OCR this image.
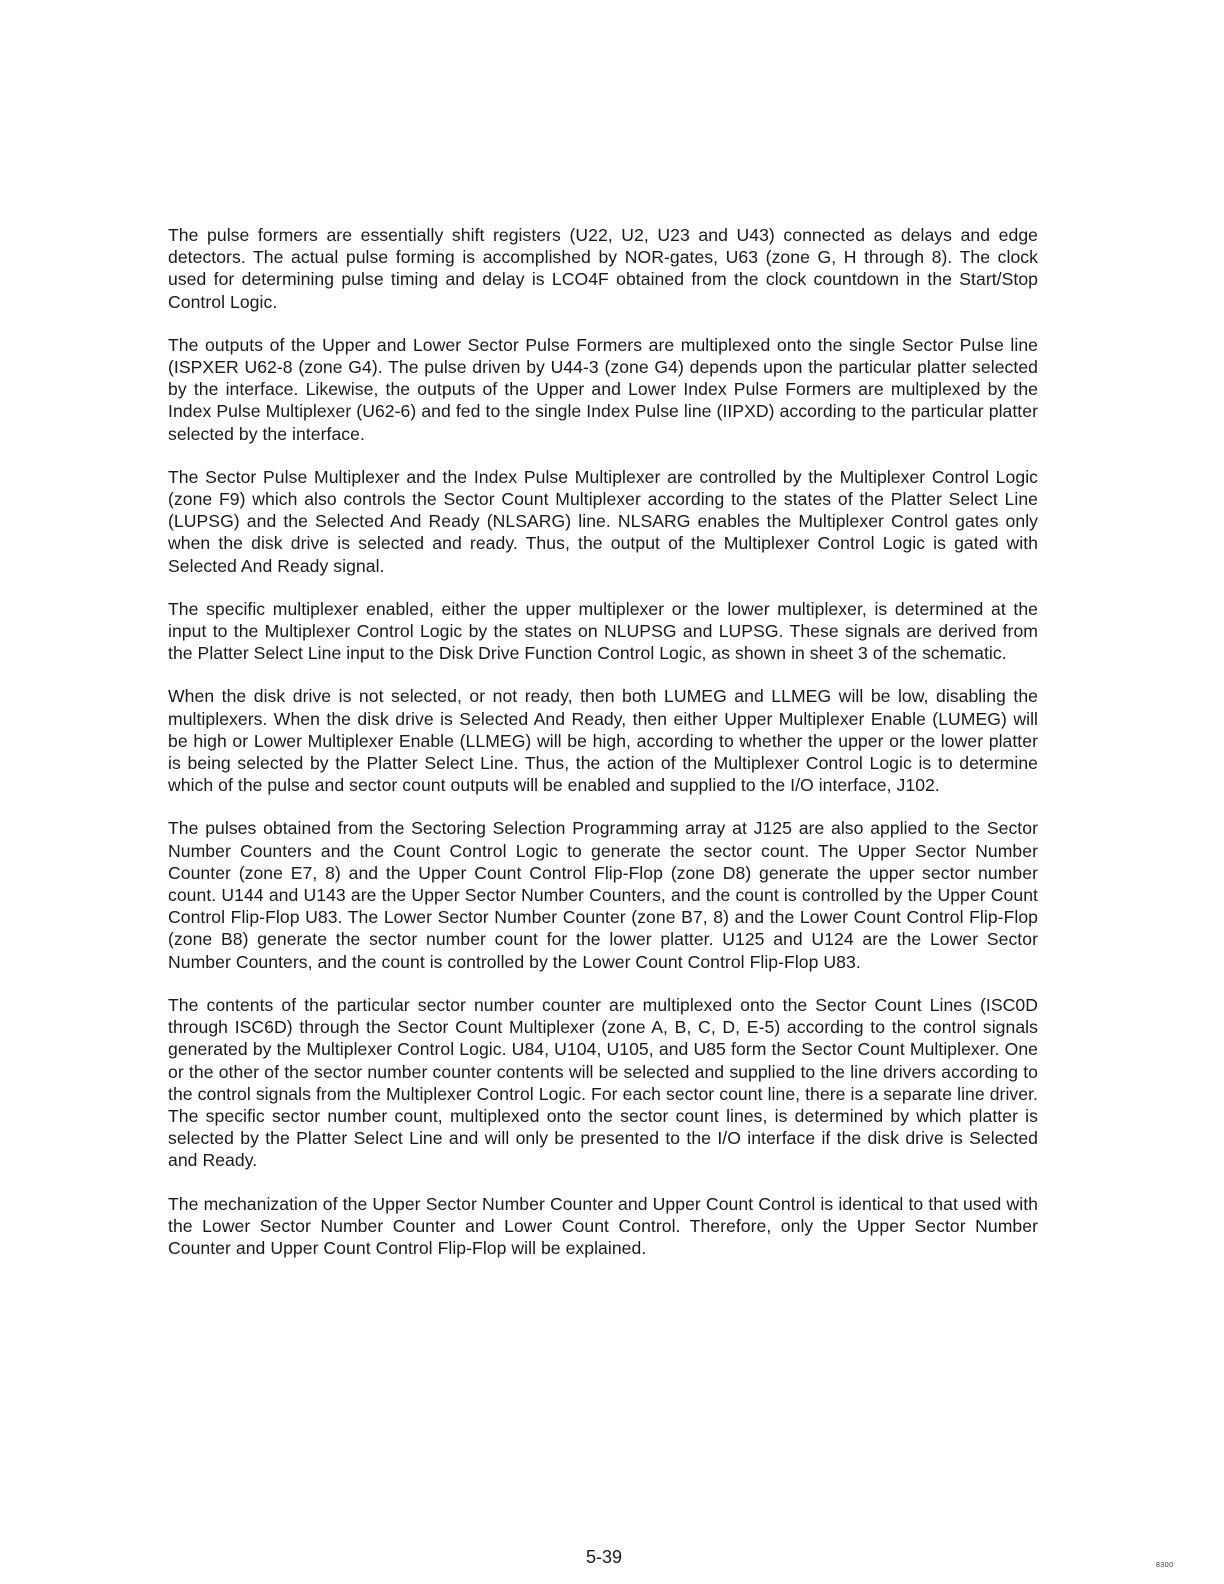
The pulse formers are essentially shift registers (U22, U2, U23 and U43) connected as delays and edge detectors. The actual pulse forming is accomplished by NOR-gates, U63 (zone G, H through 8). The clock used for determining pulse timing and delay is LCO4F obtained from the clock countdown in the Start/Stop Control Logic.

The outputs of the Upper and Lower Sector Pulse Formers are multiplexed onto the single Sector Pulse line (ISPXER U62-8 (zone G4). The pulse driven by U44-3 (zone G4) depends upon the particular platter selected by the interface. Likewise, the outputs of the Upper and Lower Index Pulse Formers are multiplexed by the Index Pulse Multiplexer (U62-6) and fed to the single Index Pulse line (IIPXD) according to the particular platter selected by the interface.

The Sector Pulse Multiplexer and the Index Pulse Multiplexer are controlled by the Multiplexer Control Logic (zone F9) which also controls the Sector Count Multiplexer according to the states of the Platter Select Line (LUPSG) and the Selected And Ready (NLSARG) line. NLSARG enables the Multiplexer Control gates only when the disk drive is selected and ready. Thus, the output of the Multiplexer Control Logic is gated with Selected And Ready signal.

The specific multiplexer enabled, either the upper multiplexer or the lower multiplexer, is determined at the input to the Multiplexer Control Logic by the states on NLUPSG and LUPSG. These signals are derived from the Platter Select Line input to the Disk Drive Function Control Logic, as shown in sheet 3 of the schematic.

When the disk drive is not selected, or not ready, then both LUMEG and LLMEG will be low, disabling the multiplexers. When the disk drive is Selected And Ready, then either Upper Multiplexer Enable (LUMEG) will be high or Lower Multiplexer Enable (LLMEG) will be high, according to whether the upper or the lower platter is being selected by the Platter Select Line. Thus, the action of the Multiplexer Control Logic is to determine which of the pulse and sector count outputs will be enabled and supplied to the I/O interface, J102.

The pulses obtained from the Sectoring Selection Programming array at J125 are also applied to the Sector Number Counters and the Count Control Logic to generate the sector count. The Upper Sector Number Counter (zone E7, 8) and the Upper Count Control Flip-Flop (zone D8) generate the upper sector number count. U144 and U143 are the Upper Sector Number Counters, and the count is controlled by the Upper Count Control Flip-Flop U83. The Lower Sector Number Counter (zone B7, 8) and the Lower Count Control Flip-Flop (zone B8) generate the sector number count for the lower platter. U125 and U124 are the Lower Sector Number Counters, and the count is controlled by the Lower Count Control Flip-Flop U83.

The contents of the particular sector number counter are multiplexed onto the Sector Count Lines (ISC0D through ISC6D) through the Sector Count Multiplexer (zone A, B, C, D, E-5) according to the control signals generated by the Multiplexer Control Logic. U84, U104, U105, and U85 form the Sector Count Multiplexer. One or the other of the sector number counter contents will be selected and supplied to the line drivers according to the control signals from the Multiplexer Control Logic. For each sector count line, there is a separate line driver. The specific sector number count, multiplexed onto the sector count lines, is determined by which platter is selected by the Platter Select Line and will only be presented to the I/O interface if the disk drive is Selected and Ready.

The mechanization of the Upper Sector Number Counter and Upper Count Control is identical to that used with the Lower Sector Number Counter and Lower Count Control. Therefore, only the Upper Sector Number Counter and Upper Count Control Flip-Flop will be explained.

5-39	8300
